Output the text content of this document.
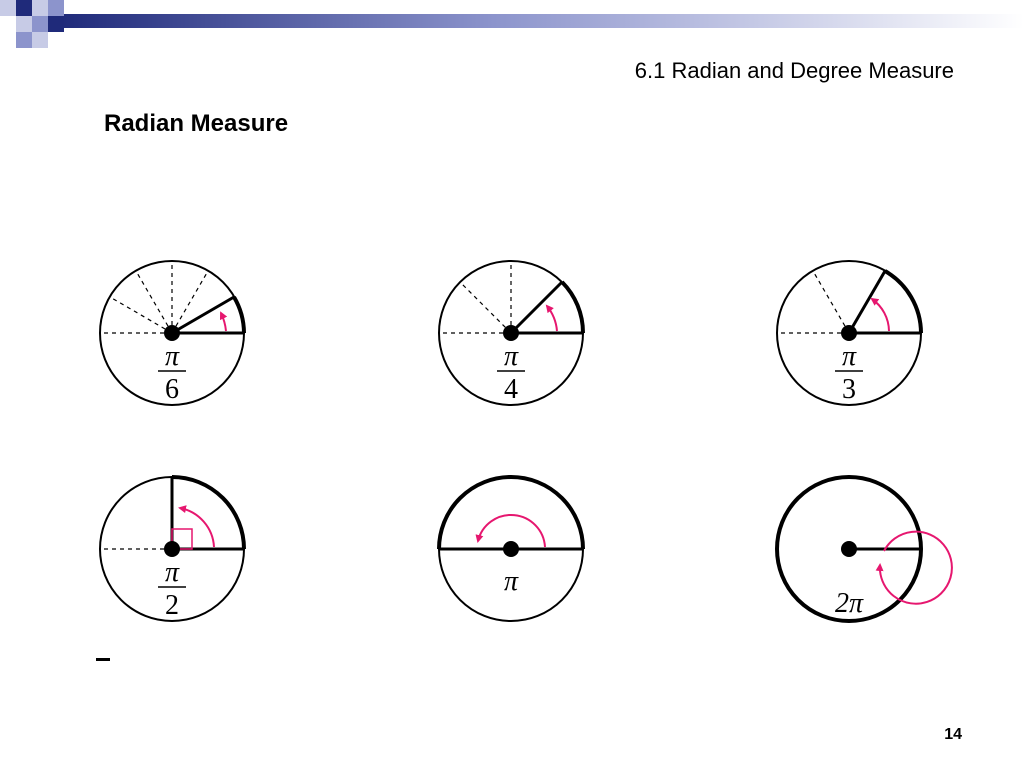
6.1 Radian and Degree Measure
Radian Measure
π
6
π
4
π
3
π
2
π
2π
14
